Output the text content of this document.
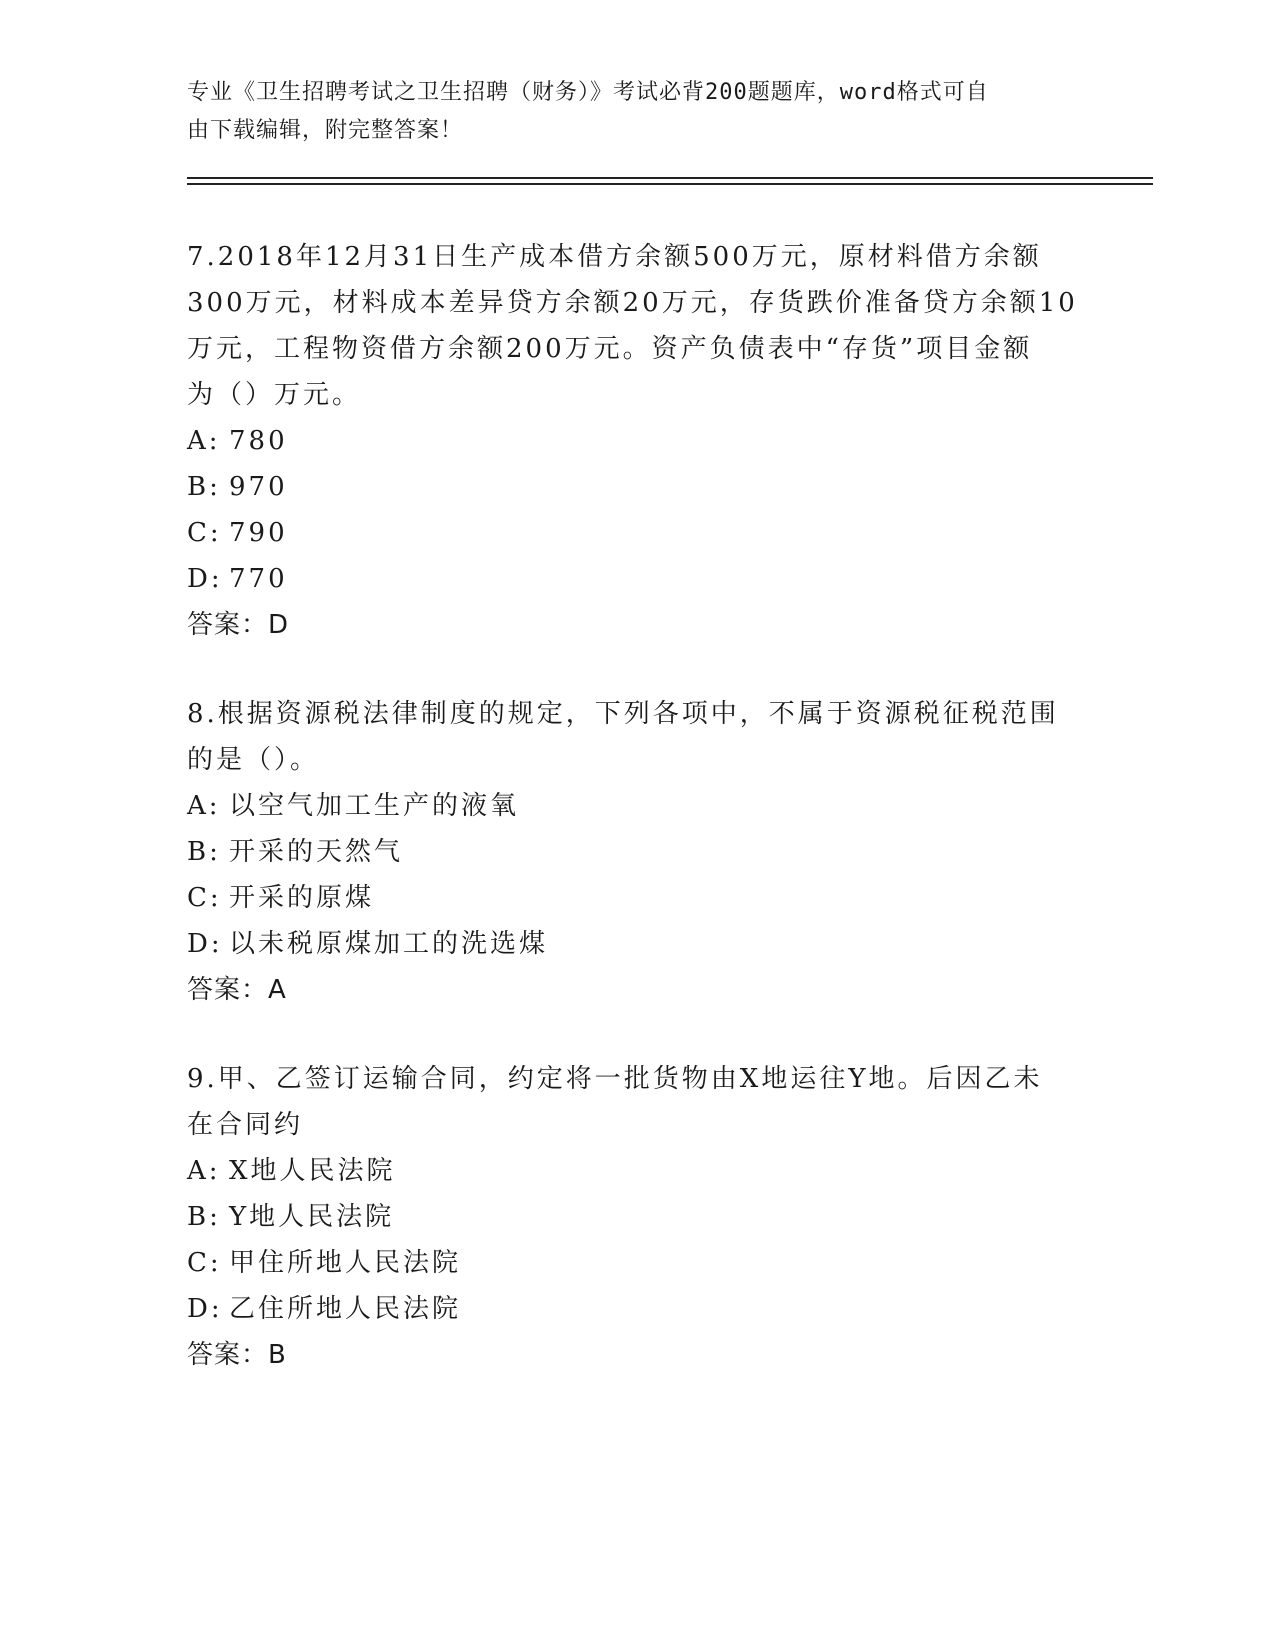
专业《卫生招聘考试之卫生招聘（财务）》考试必背200题题库，word格式可自
由下载编辑，附完整答案！

7.2018年12月31日生产成本借方余额500万元，原材料借方余额

300万元，材料成本差异贷方余额20万元，存货跌价准备贷方余额10

万元，工程物资借方余额200万元。资产负债表中“存货”项目金额

为（）万元。

A: 780

B: 970

C: 790

D: 770

答案：D

8.根据资源税法律制度的规定，下列各项中，不属于资源税征税范围

的是（）。

A: 以空气加工生产的液氧

B: 开采的天然气

C: 开采的原煤

D: 以未税原煤加工的洗选煤

答案：A

9.甲、乙签订运输合同，约定将一批货物由X地运往Y地。后因乙未

在合同约

A: X地人民法院

B: Y地人民法院

C: 甲住所地人民法院

D: 乙住所地人民法院

答案：B
